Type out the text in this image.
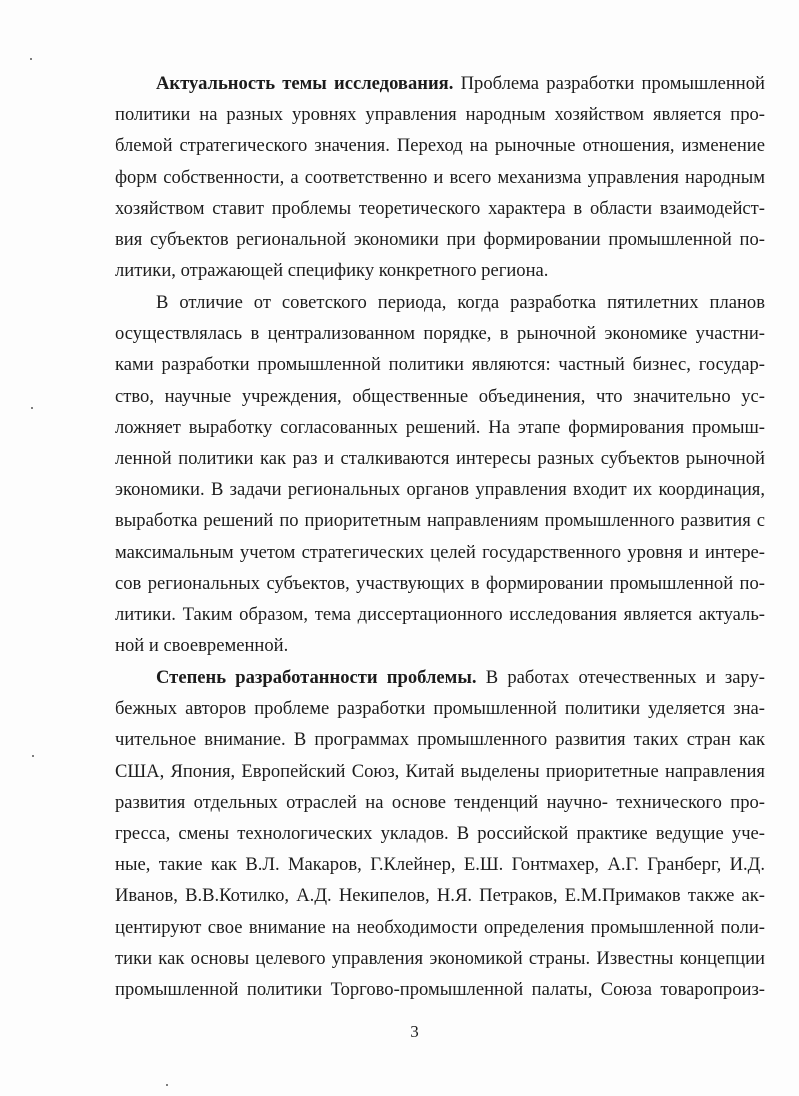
Актуальность темы исследования. Проблема разработки промышленной
политики на разных уровнях управления народным хозяйством является про-
блемой стратегического значения. Переход на рыночные отношения, изменение
форм собственности, а соответственно и всего механизма управления народным
хозяйством ставит проблемы теоретического характера в области взаимодейст-
вия субъектов региональной экономики при формировании промышленной по-
литики, отражающей специфику конкретного региона.
В отличие от советского периода, когда разработка пятилетних планов
осуществлялась в централизованном порядке, в рыночной экономике участни-
ками разработки промышленной политики являются: частный бизнес, государ-
ство, научные учреждения, общественные объединения, что значительно ус-
ложняет выработку согласованных решений. На этапе формирования промыш-
ленной политики как раз и сталкиваются интересы разных субъектов рыночной
экономики. В задачи региональных органов управления входит их координация,
выработка решений по приоритетным направлениям промышленного развития с
максимальным учетом стратегических целей государственного уровня и интере-
сов региональных субъектов, участвующих в формировании промышленной по-
литики. Таким образом, тема диссертационного исследования является актуаль-
ной и своевременной.
Степень разработанности проблемы. В работах отечественных и зару-
бежных авторов проблеме разработки промышленной политики уделяется зна-
чительное внимание. В программах промышленного развития таких стран как
США, Япония, Европейский Союз, Китай выделены приоритетные направления
развития отдельных отраслей на основе тенденций научно- технического про-
гресса, смены технологических укладов. В российской практике ведущие уче-
ные, такие как В.Л. Макаров, Г.Клейнер, Е.Ш. Гонтмахер, А.Г. Гранберг, И.Д.
Иванов, В.В.Котилко, А.Д. Некипелов, Н.Я. Петраков, Е.М.Примаков также ак-
центируют свое внимание на необходимости определения промышленной поли-
тики как основы целевого управления экономикой страны. Известны концепции
промышленной политики Торгово-промышленной палаты, Союза товаропроиз-
3
